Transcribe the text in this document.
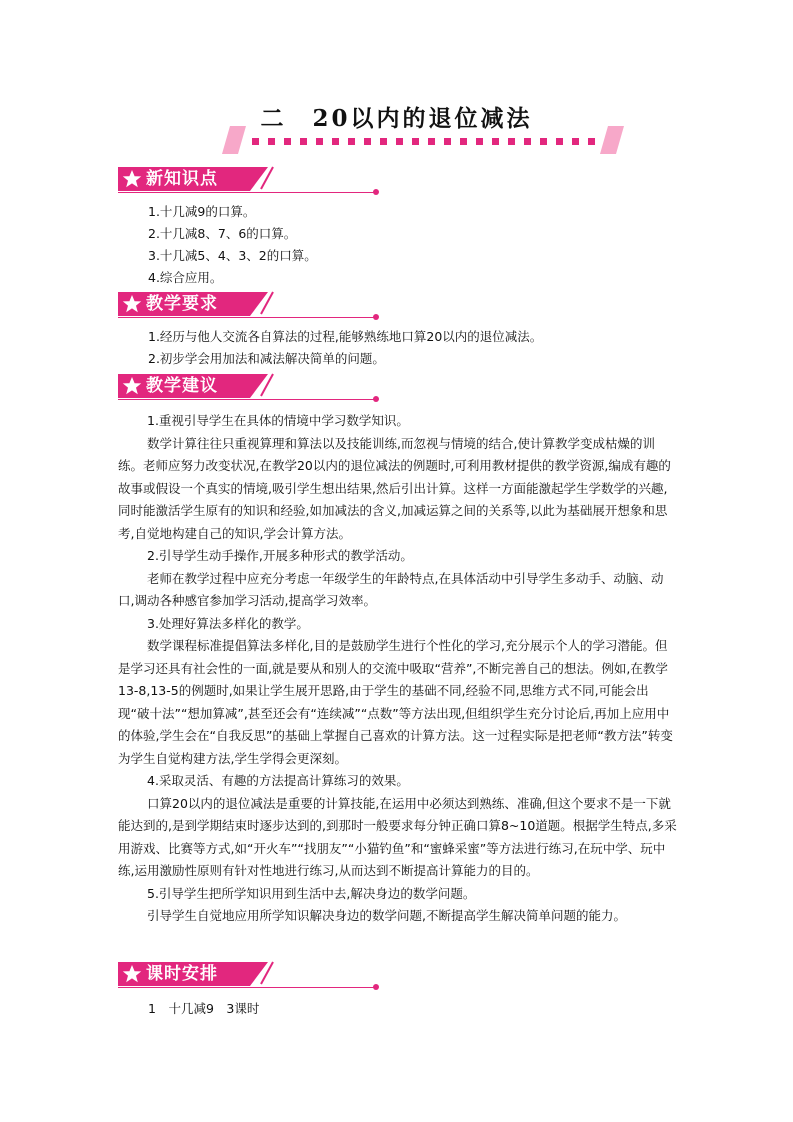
二　20以内的退位减法
新知识点
1.十几减9的口算。
2.十几减8、7、6的口算。
3.十几减5、4、3、2的口算。
4.综合应用。
教学要求
1.经历与他人交流各自算法的过程,能够熟练地口算20以内的退位减法。
2.初步学会用加法和减法解决简单的问题。
教学建议

1.重视引导学生在具体的情境中学习数学知识。

数学计算往往只重视算理和算法以及技能训练,而忽视与情境的结合,使计算教学变成枯燥的训练。老师应努力改变状况,在教学20以内的退位减法的例题时,可利用教材提供的教学资源,编成有趣的故事或假设一个真实的情境,吸引学生想出结果,然后引出计算。这样一方面能激起学生学数学的兴趣,同时能激活学生原有的知识和经验,如加减法的含义,加减运算之间的关系等,以此为基础展开想象和思考,自觉地构建自己的知识,学会计算方法。

2.引导学生动手操作,开展多种形式的教学活动。

老师在教学过程中应充分考虑一年级学生的年龄特点,在具体活动中引导学生多动手、动脑、动口,调动各种感官参加学习活动,提高学习效率。

3.处理好算法多样化的教学。

数学课程标准提倡算法多样化,目的是鼓励学生进行个性化的学习,充分展示个人的学习潜能。但是学习还具有社会性的一面,就是要从和别人的交流中吸取“营养”,不断完善自己的想法。例如,在教学13-8,13-5的例题时,如果让学生展开思路,由于学生的基础不同,经验不同,思维方式不同,可能会出现“破十法”“想加算减”,甚至还会有“连续减”“点数”等方法出现,但组织学生充分讨论后,再加上应用中的体验,学生会在“自我反思”的基础上掌握自己喜欢的计算方法。这一过程实际是把老师“教方法”转变为学生自觉构建方法,学生学得会更深刻。

4.采取灵活、有趣的方法提高计算练习的效果。

口算20以内的退位减法是重要的计算技能,在运用中必须达到熟练、准确,但这个要求不是一下就能达到的,是到学期结束时逐步达到的,到那时一般要求每分钟正确口算8~10道题。根据学生特点,多采用游戏、比赛等方式,如“开火车”“找朋友”“小猫钓鱼”和“蜜蜂采蜜”等方法进行练习,在玩中学、玩中练,运用激励性原则有针对性地进行练习,从而达到不断提高计算能力的目的。

5.引导学生把所学知识用到生活中去,解决身边的数学问题。

引导学生自觉地应用所学知识解决身边的数学问题,不断提高学生解决简单问题的能力。

课时安排
1　十几减9　3课时
